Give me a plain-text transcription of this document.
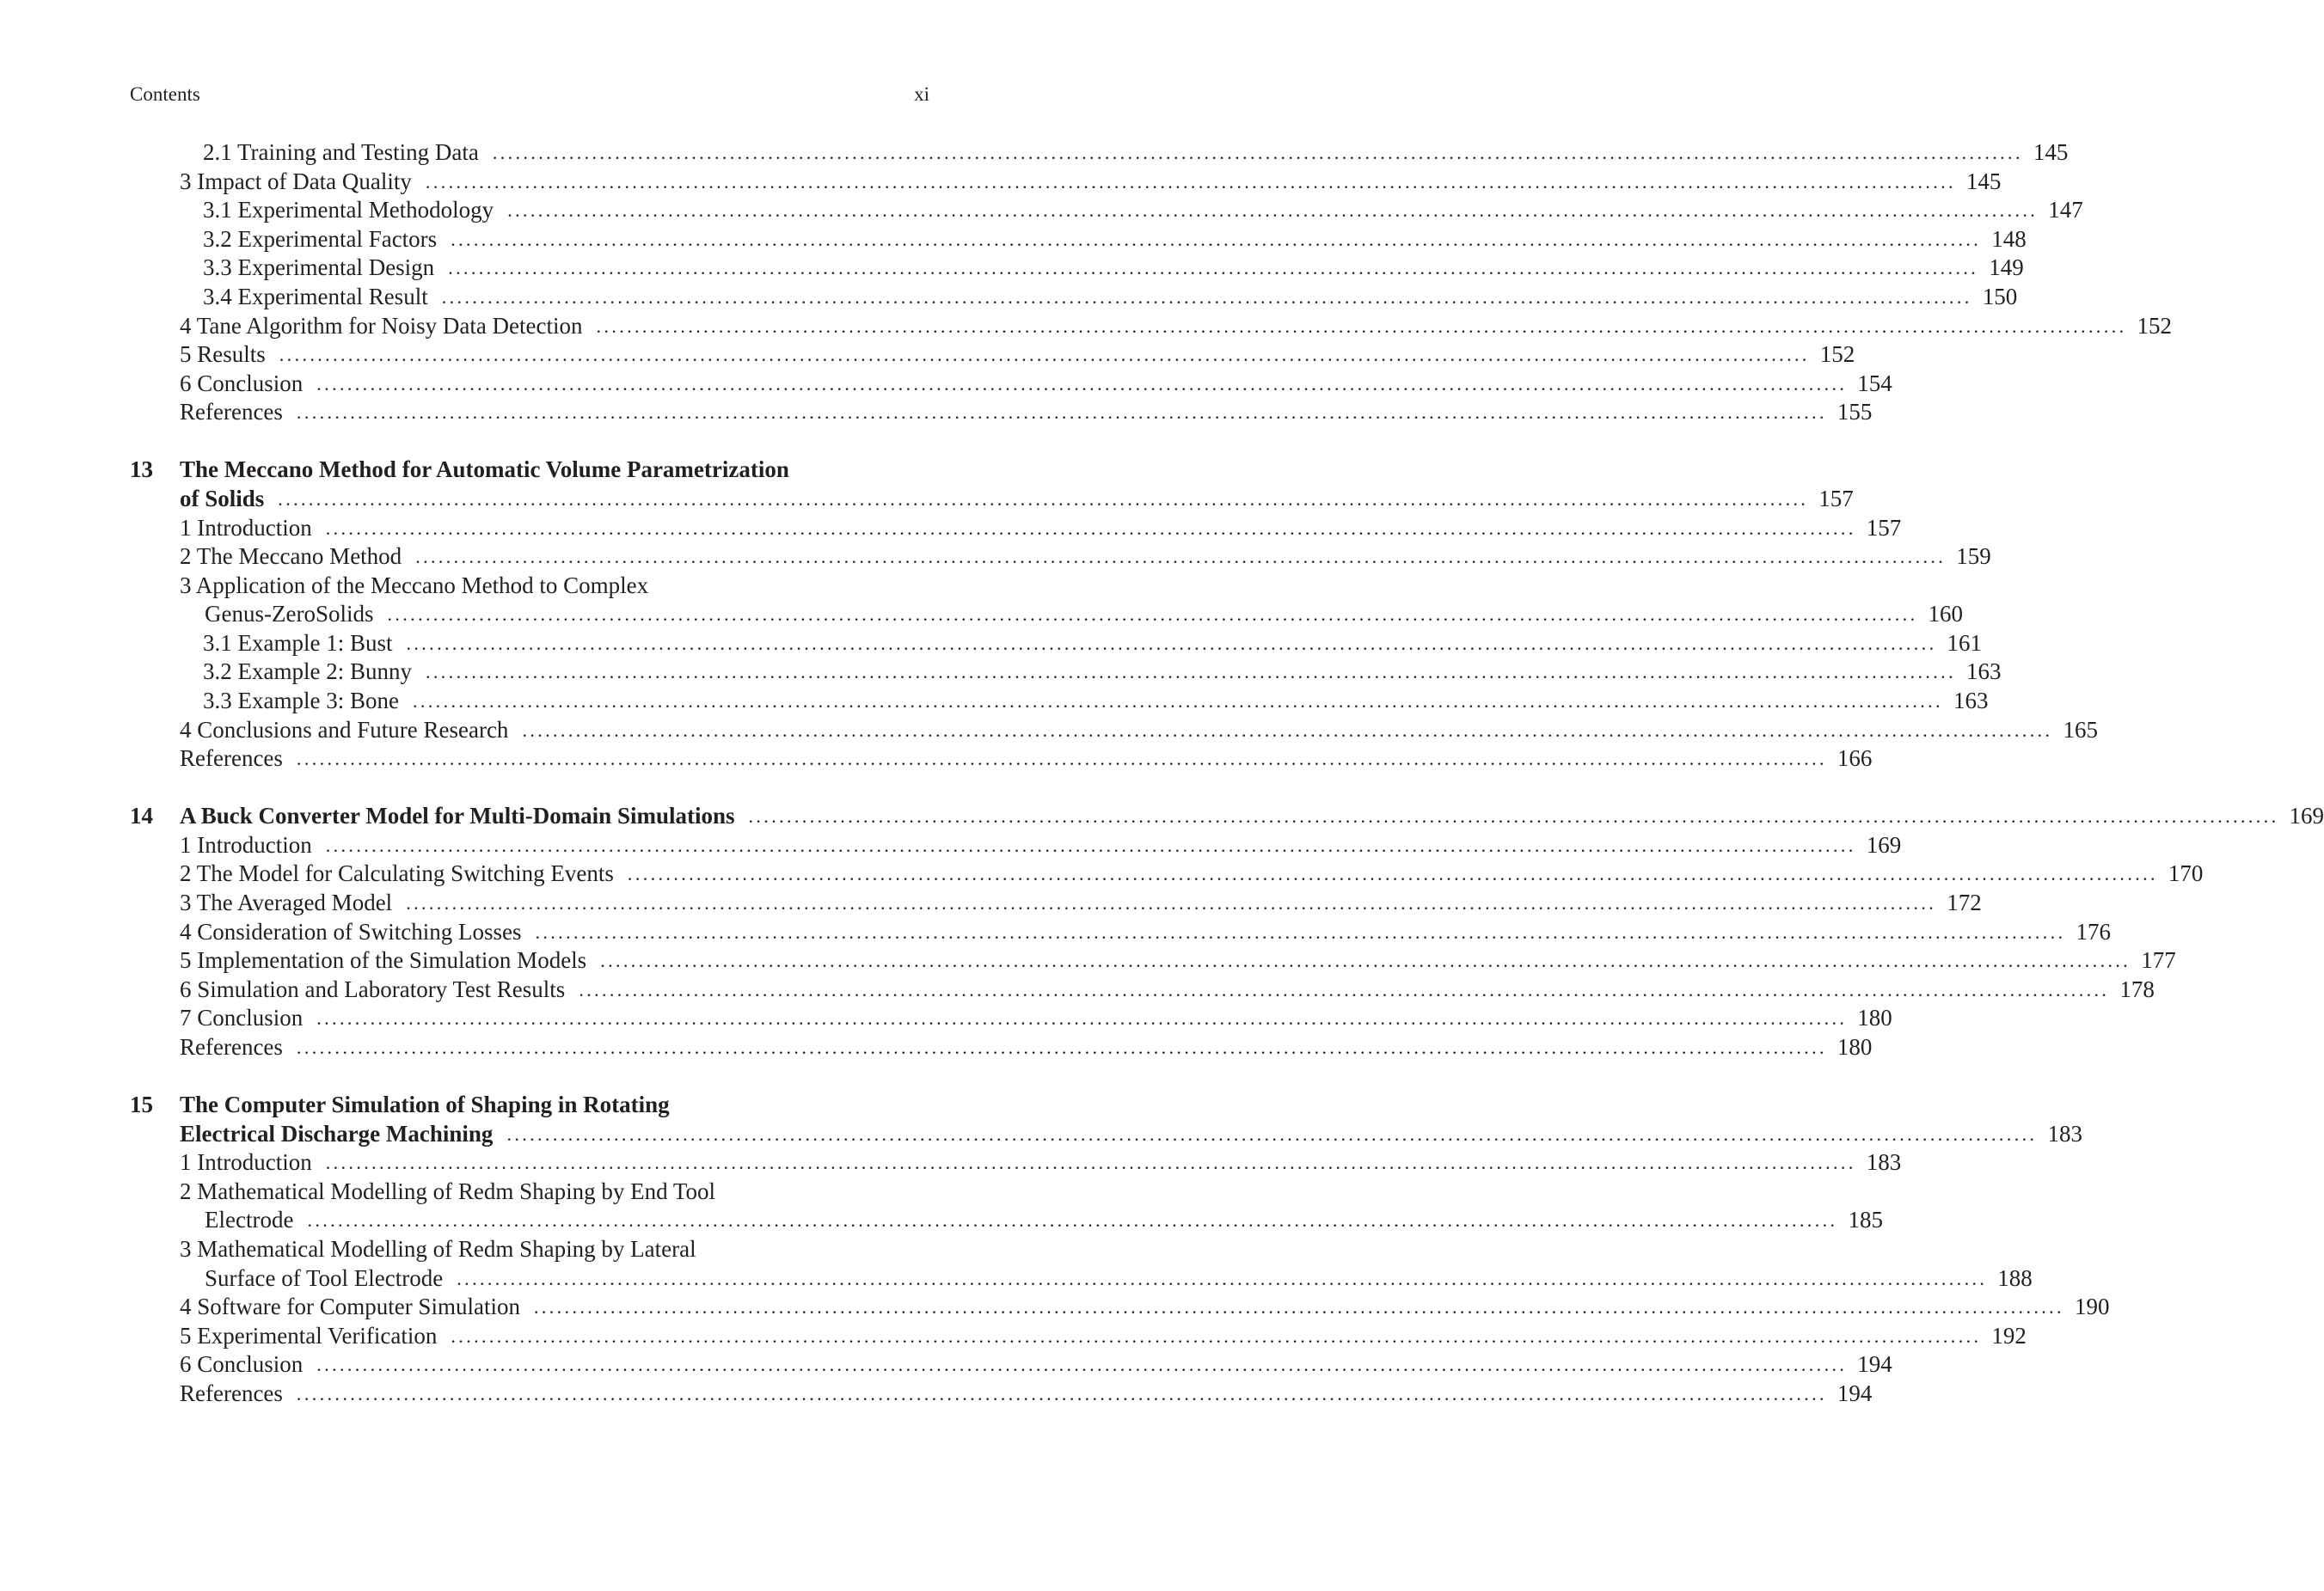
Contents	xi
2.1 Training and Testing Data ........................................................................................................................................................................................................ 145
3 Impact of Data Quality ........................................................................................................................................................................................................ 145
3.1 Experimental Methodology ........................................................................................................................................................................................................ 147
3.2 Experimental Factors ........................................................................................................................................................................................................ 148
3.3 Experimental Design ........................................................................................................................................................................................................ 149
3.4 Experimental Result ........................................................................................................................................................................................................ 150
4 Tane Algorithm for Noisy Data Detection ........................................................................................................................................................................................................ 152
5 Results ........................................................................................................................................................................................................ 152
6 Conclusion ........................................................................................................................................................................................................ 154
References ........................................................................................................................................................................................................ 155
13 The Meccano Method for Automatic Volume Parametrization
of Solids ........................................................................................................................................................................................................ 157
1 Introduction ........................................................................................................................................................................................................ 157
2 The Meccano Method ........................................................................................................................................................................................................ 159
3 Application of the Meccano Method to Complex
Genus-ZeroSolids ........................................................................................................................................................................................................ 160
3.1 Example 1: Bust ........................................................................................................................................................................................................ 161
3.2 Example 2: Bunny ........................................................................................................................................................................................................ 163
3.3 Example 3: Bone ........................................................................................................................................................................................................ 163
4 Conclusions and Future Research ........................................................................................................................................................................................................ 165
References ........................................................................................................................................................................................................ 166
14 A Buck Converter Model for Multi-Domain Simulations ........................................................................................................................................................................................................ 169
1 Introduction ........................................................................................................................................................................................................ 169
2 The Model for Calculating Switching Events ........................................................................................................................................................................................................ 170
3 The Averaged Model ........................................................................................................................................................................................................ 172
4 Consideration of Switching Losses ........................................................................................................................................................................................................ 176
5 Implementation of the Simulation Models ........................................................................................................................................................................................................ 177
6 Simulation and Laboratory Test Results ........................................................................................................................................................................................................ 178
7 Conclusion ........................................................................................................................................................................................................ 180
References ........................................................................................................................................................................................................ 180
15 The Computer Simulation of Shaping in Rotating
Electrical Discharge Machining ........................................................................................................................................................................................................ 183
1 Introduction ........................................................................................................................................................................................................ 183
2 Mathematical Modelling of Redm Shaping by End Tool
Electrode ........................................................................................................................................................................................................ 185
3 Mathematical Modelling of Redm Shaping by Lateral
Surface of Tool Electrode ........................................................................................................................................................................................................ 188
4 Software for Computer Simulation ........................................................................................................................................................................................................ 190
5 Experimental Verification ........................................................................................................................................................................................................ 192
6 Conclusion ........................................................................................................................................................................................................ 194
References ........................................................................................................................................................................................................ 194
